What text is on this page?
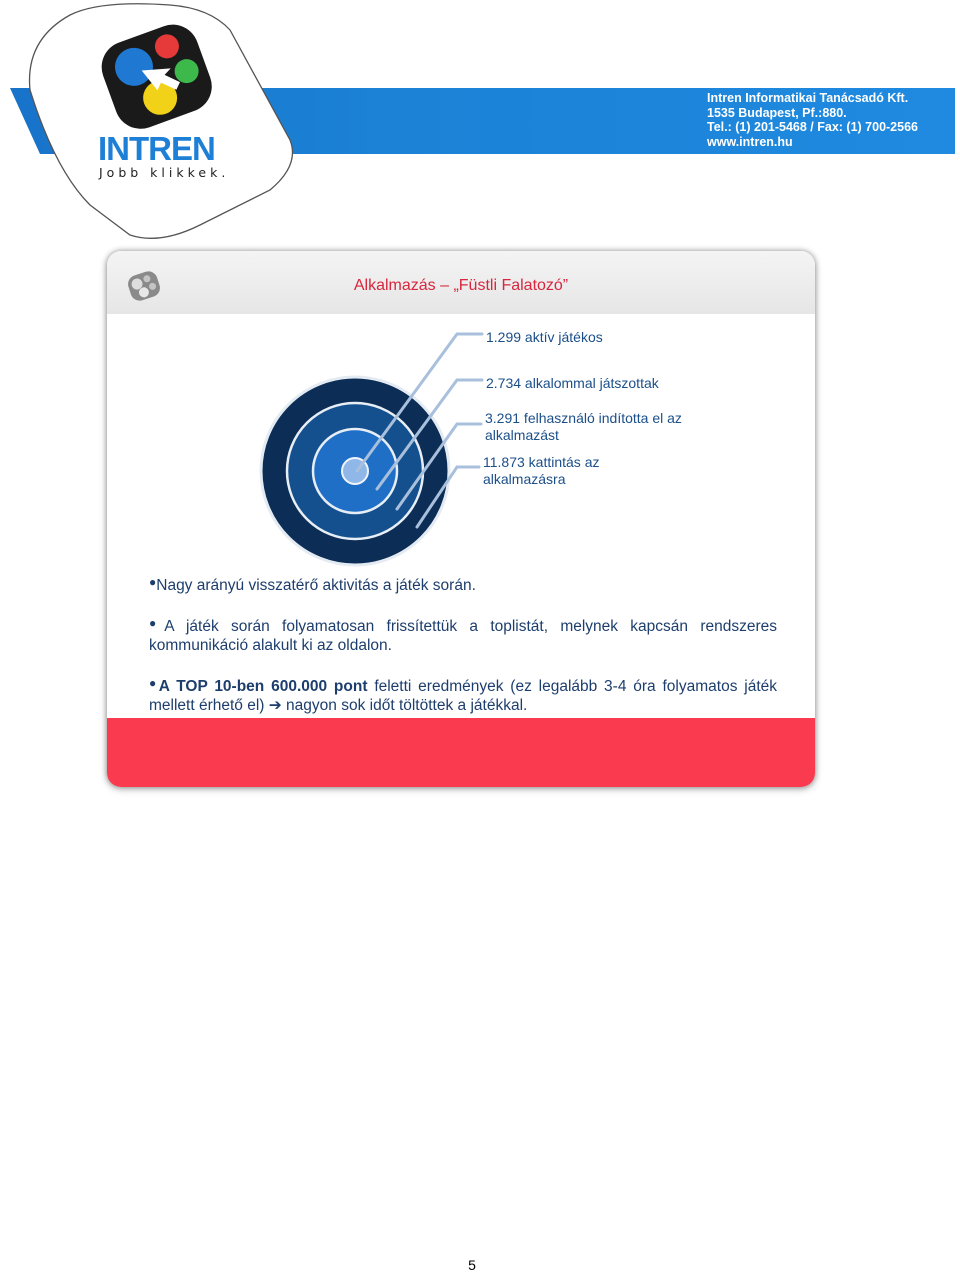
INTREN
Jobb klikkek.
Intren Informatikai Tanácsadó Kft.
1535 Budapest, Pf.:880.
Tel.: (1) 201-5468 / Fax: (1) 700-2566
www.intren.hu
Alkalmazás – „Füstli Falatozó”
1.299 aktív játékos
2.734 alkalommal játszottak
3.291 felhasználó indította el az
alkalmazást
11.873 kattintás az
alkalmazásra
●Nagy arányú visszatérő aktivitás a játék során.
●A játék során folyamatosan frissítettük a toplistát, melynek kapcsán rendszeres kommunikáció alakult ki az oldalon.
●A TOP 10-ben 600.000 pont feletti eredmények (ez legalább 3-4 óra folyamatos játék mellett érhető el) ➔ nagyon sok időt töltöttek a játékkal.
5
